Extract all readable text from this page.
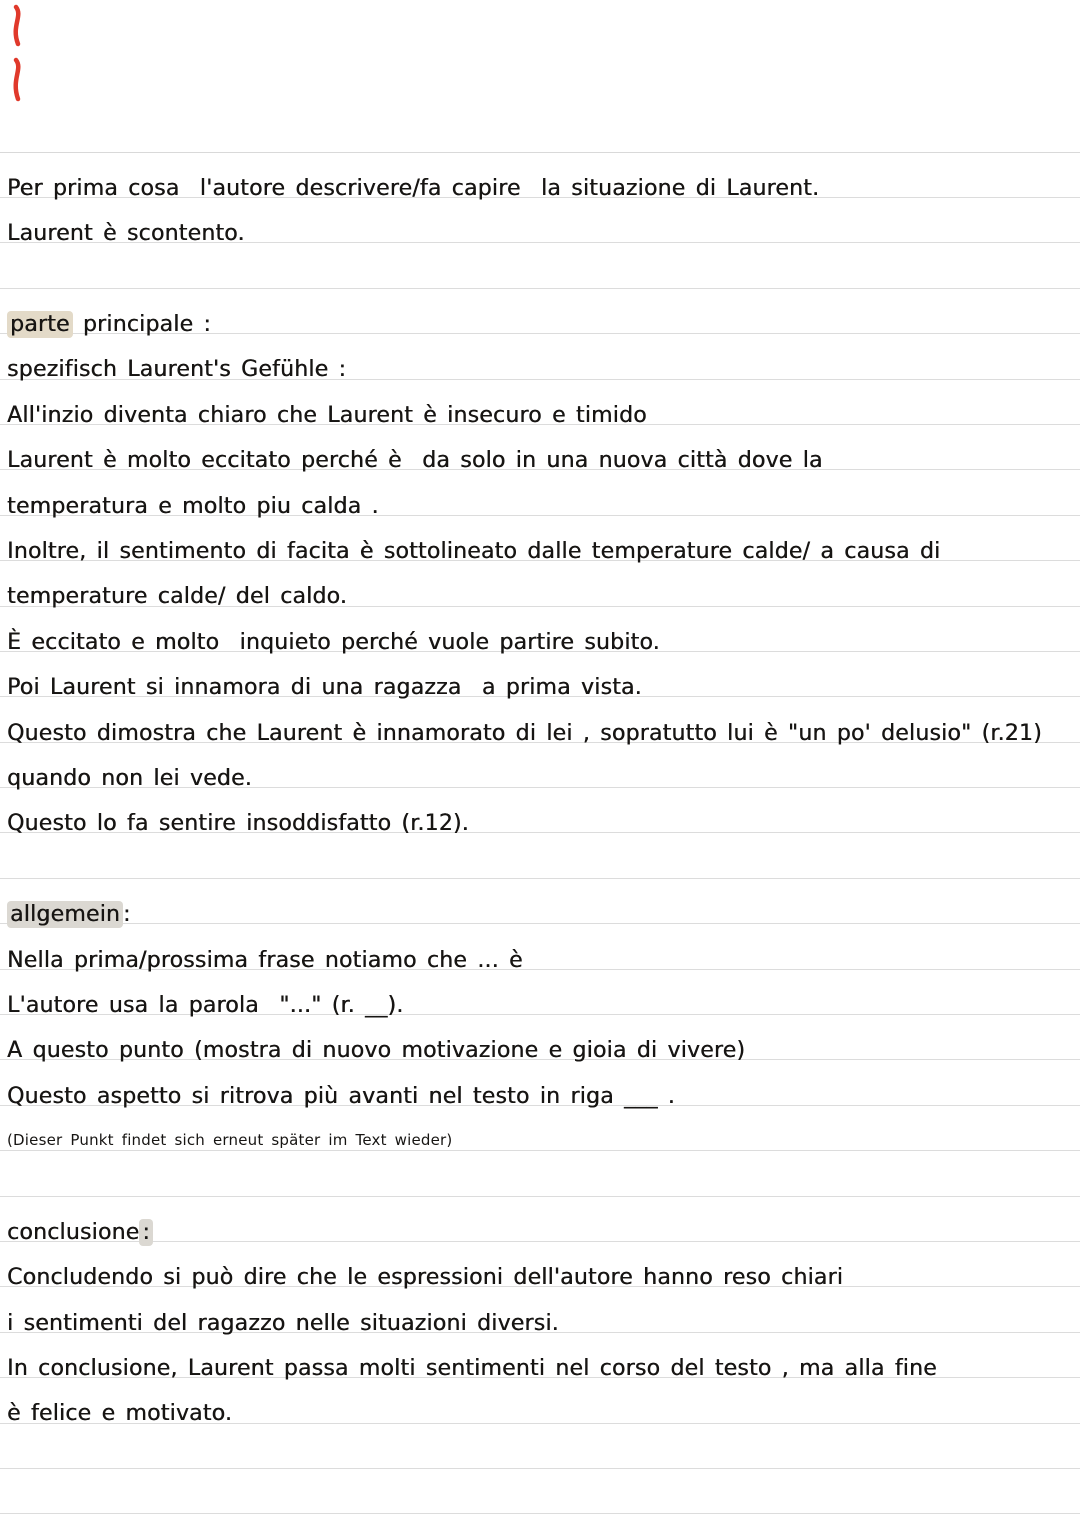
Per prima cosa  l'autore descrivere/fa capire  la situazione di Laurent.
Laurent è scontento.
parte principale :
spezifisch Laurent's Gefühle :
All'inzio diventa chiaro che Laurent è insecuro e timido
Laurent è molto eccitato perché è  da solo in una nuova città dove la
temperatura e molto piu calda .
Inoltre, il sentimento di facita è sottolineato dalle temperature calde/ a causa di
temperature calde/ del caldo.
È eccitato e molto  inquieto perché vuole partire subito.
Poi Laurent si innamora di una ragazza  a prima vista.
Questo dimostra che Laurent è innamorato di lei , sopratutto lui è "un po' delusio" (r.21)
quando non lei vede.
Questo lo fa sentire insoddisfatto (r.12).
allgemein :
Nella prima/prossima frase notiamo che ... è
L'autore usa la parola  "..." (r. __).
A questo punto (mostra di nuovo motivazione e gioia di vivere)
Questo aspetto si ritrova più avanti nel testo in riga ___ .
(Dieser Punkt findet sich erneut später im Text wieder)
conclusione :
Concludendo si può dire che le espressioni dell'autore hanno reso chiari
i sentimenti del ragazzo nelle situazioni diversi.
In conclusione, Laurent passa molti sentimenti nel corso del testo , ma alla fine
è felice e motivato.
